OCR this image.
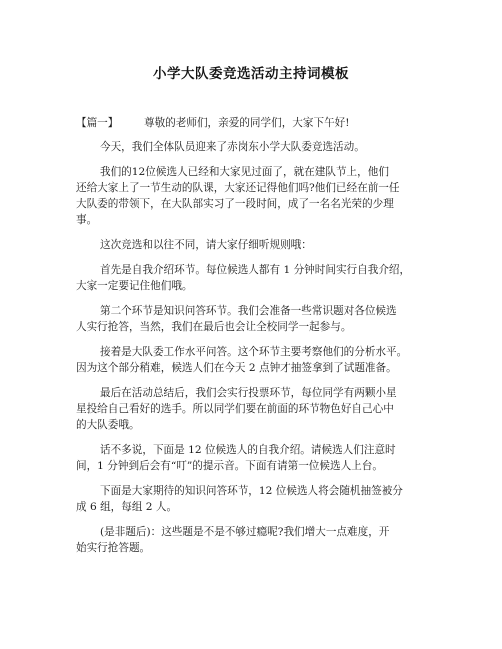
小学大队委竞选活动主持词模板
【篇一】 尊敬的老师们，亲爱的同学们，大家下午好!
今天，我们全体队员迎来了赤岗东小学大队委竞选活动。
我们的12位候选人已经和大家见过面了，就在建队节上，他们
还给大家上了一节生动的队课，大家还记得他们吗?他们已经在前一任
大队委的带领下，在大队部实习了一段时间，成了一名名光荣的少理
事。
这次竞选和以往不同，请大家仔细听规则哦：
首先是自我介绍环节。每位候选人都有 1 分钟时间实行自我介绍，
大家一定要记住他们哦。
第二个环节是知识问答环节。我们会准备一些常识题对各位候选
人实行抢答，当然，我们在最后也会让全校同学一起参与。
接着是大队委工作水平问答。这个环节主要考察他们的分析水平。
因为这个部分稍难，候选人们在今天 2 点钟才抽签拿到了试题准备。
最后在活动总结后，我们会实行投票环节，每位同学有两颗小星
星投给自己看好的选手。所以同学们要在前面的环节物色好自己心中
的大队委哦。
话不多说，下面是 12 位候选人的自我介绍。请候选人们注意时
间，1 分钟到后会有“叮”的提示音。下面有请第一位候选人上台。
下面是大家期待的知识问答环节，12 位候选人将会随机抽签被分
成 6 组，每组 2 人。
(是非题后)：这些题是不是不够过瘾呢?我们增大一点难度，开
始实行抢答题。
